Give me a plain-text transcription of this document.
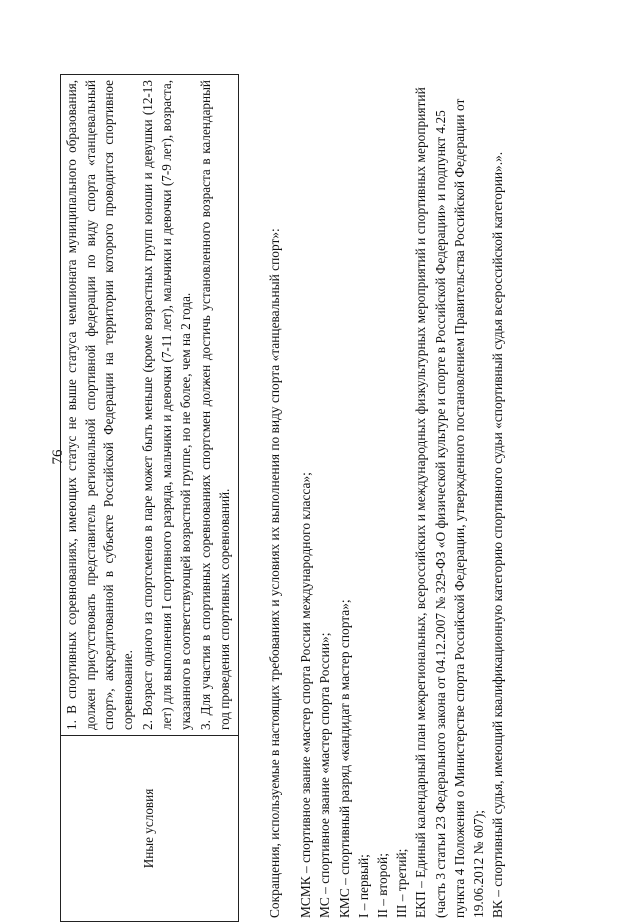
76
Иные условия	

1. В спортивных соревнованиях, имеющих статус не выше статуса чемпионата муниципального образования, должен присутствовать представитель региональной спортивной федерации по виду спорта «танцевальный спорт», аккредитованной в субъекте Российской Федерации на территории которого проводится спортивное соревнование. 2. Возраст одного из спортсменов в паре может быть меньше (кроме возрастных групп юноши и девушки (12-13 лет) для выполнения I спортивного разряда, мальчики и девочки (7-11 лет), мальчики и девочки (7-9 лет), возраста, указанного в соответствующей возрастной группе, но не более, чем на 2 года. 3. Для участия в спортивных соревнованиях спортсмен должен достичь установленного возраста в календарный год проведения спортивных соревнований.	Сокращения, используемые в настоящих требованиях и условиях их выполнения по виду спорта «танцевальный спорт»: МСМК – спортивное звание «мастер спорта России международного класса»; МС – спортивное звание «мастер спорта России»; КМС – спортивный разряд «кандидат в мастер спорта»; I – первый; II – второй; III – третий; ЕКП – Единый календарный план межрегиональных, всероссийских и международных физкультурных мероприятий и спортивных мероприятий (часть 3 статьи 23 Федерального закона от 04.12.2007 № 329-ФЗ «О физической культуре и спорте в Российской Федерации» и подпункт 4.25 пункта 4 Положения о Министерстве спорта Российской Федерации, утвержденного постановлением Правительства Российской Федерации от 19.06.2012 № 607); ВК – спортивный судья, имеющий квалификационную категорию спортивного судьи «спортивный судья всероссийской категории».».
